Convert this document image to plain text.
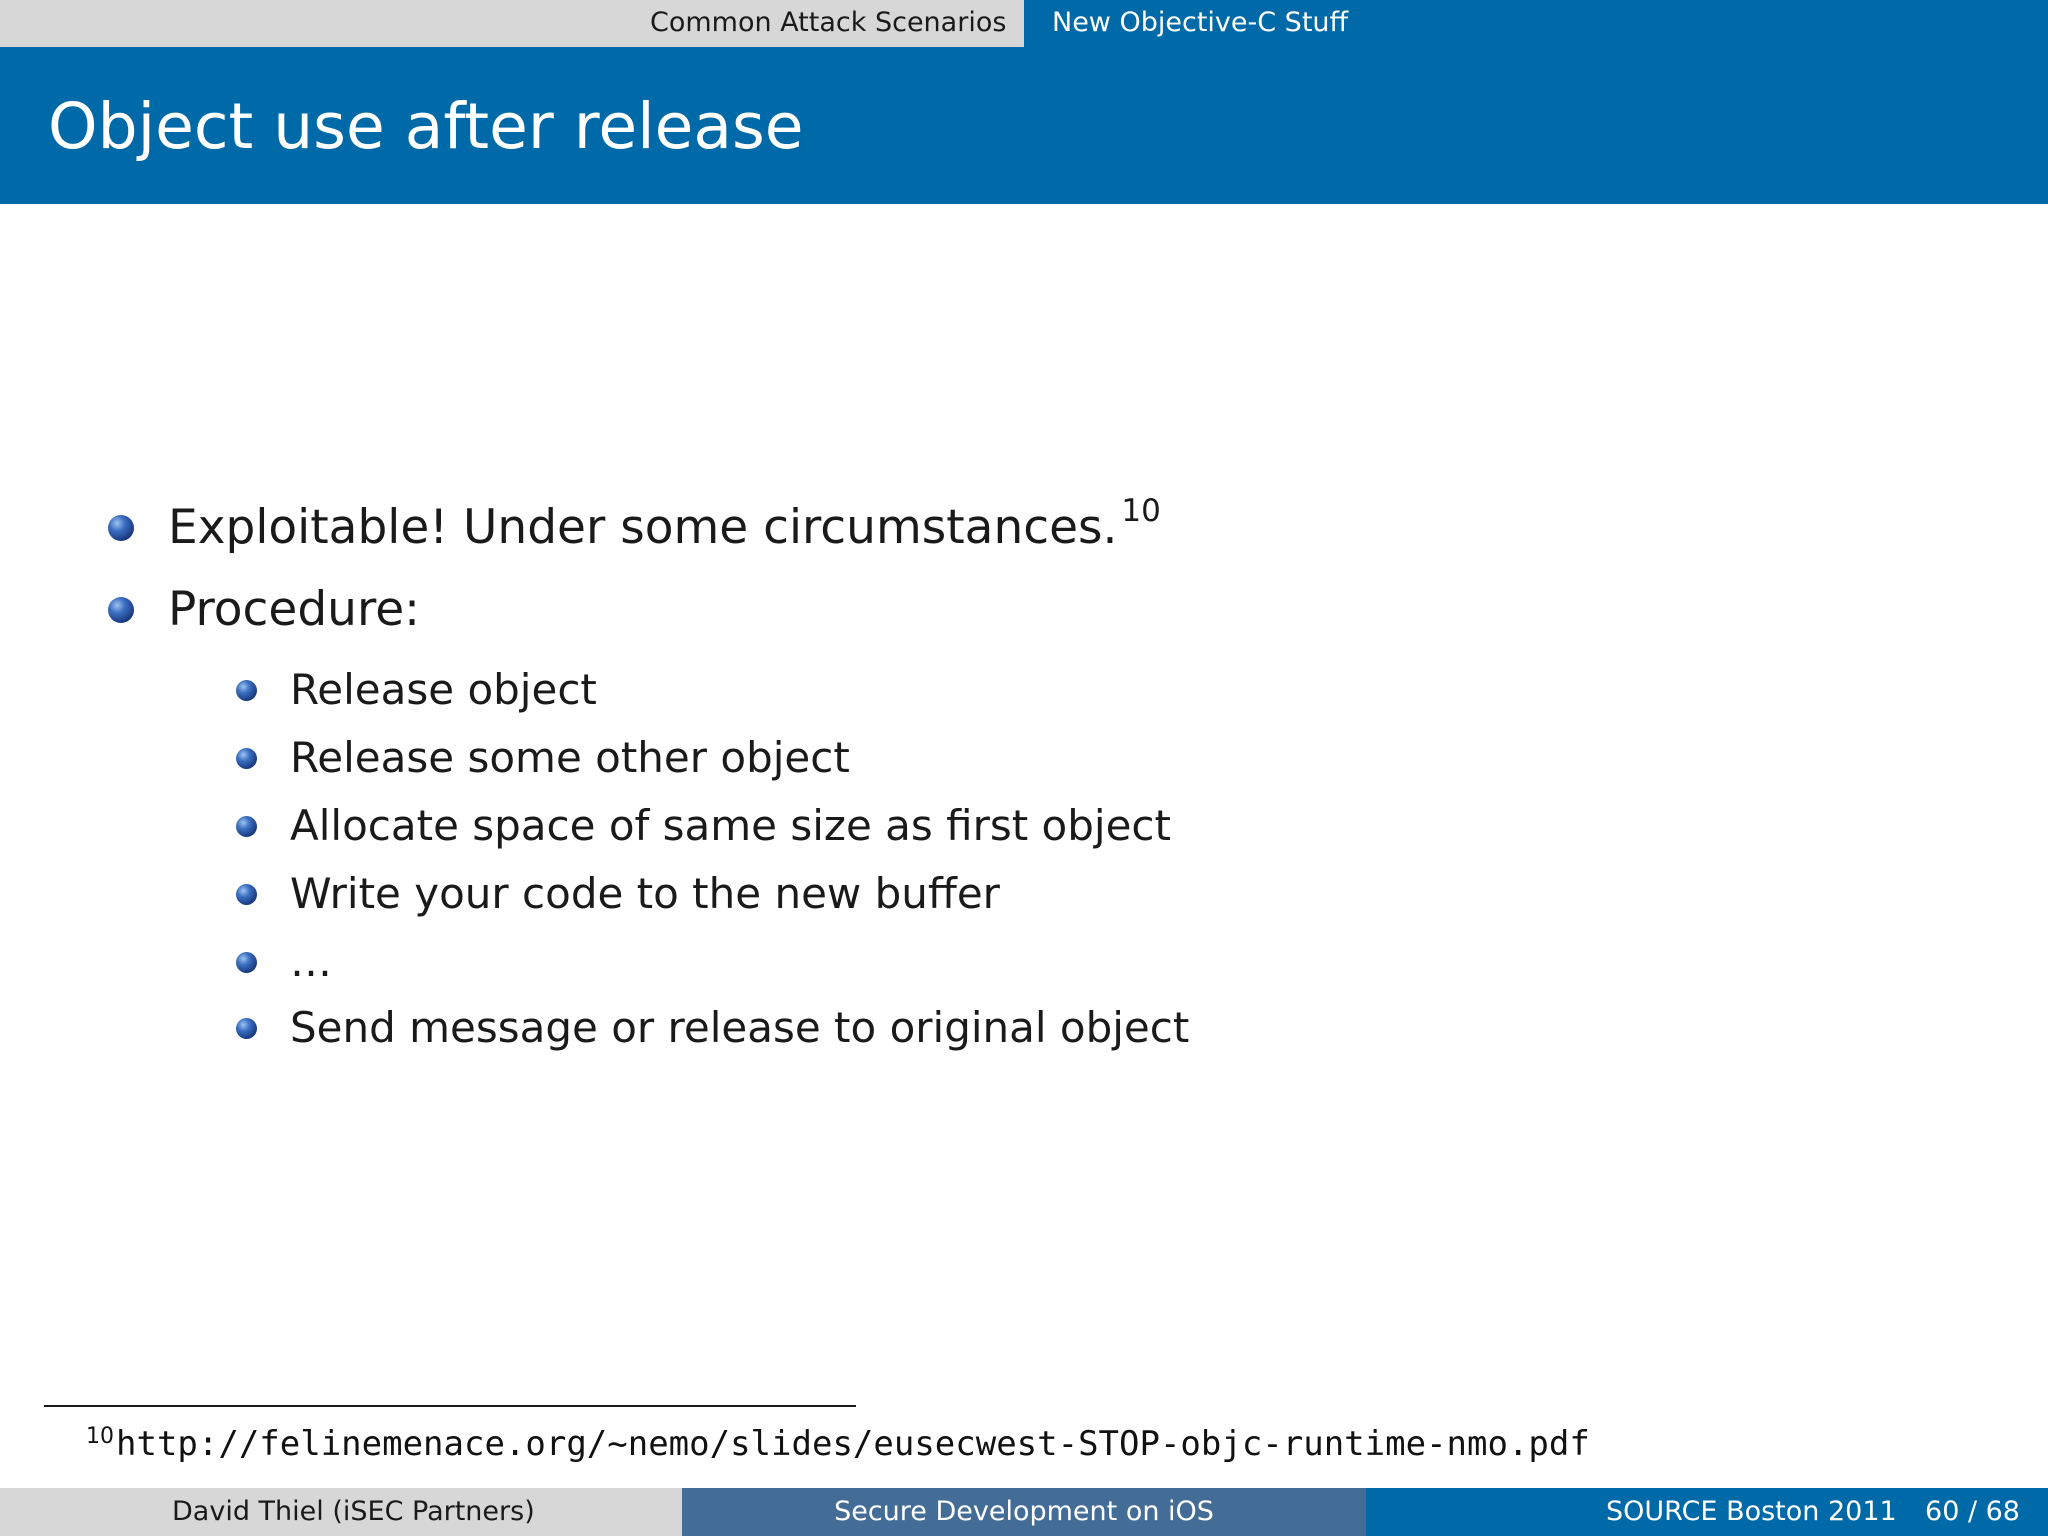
Common Attack Scenarios	New Objective-C Stuff
Object use after release
Exploitable! Under some circumstances. $^{10}$
Procedure:
Release object
Release some other object
Allocate space of same size as first object
Write your code to the new buffer
…
Send message or release to original object
10http://felinemenace.org/~nemo/slides/eusecwest-STOP-objc-runtime-nmo.pdf
David Thiel (iSEC Partners)	Secure Development on iOS	SOURCE Boston 2011 60 / 68
